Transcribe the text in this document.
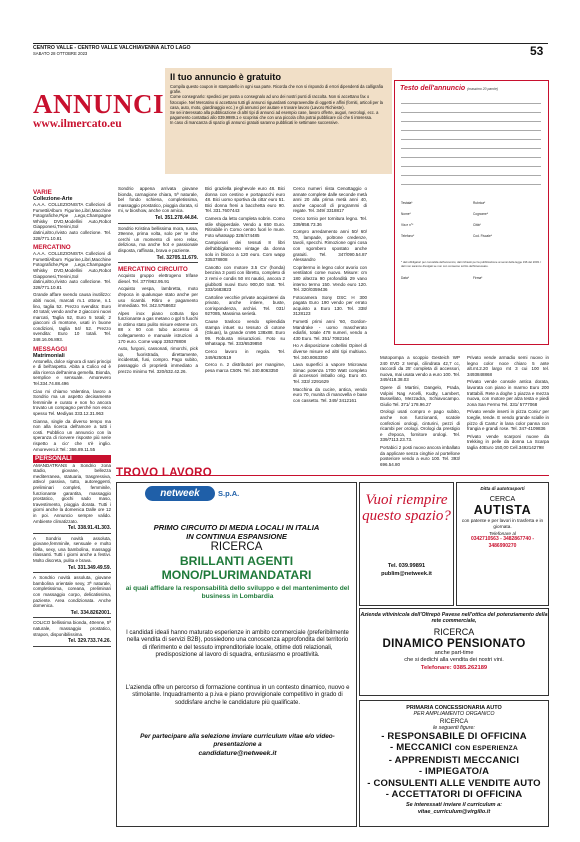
CENTRO VALLE - CENTRO VALLE VALCHIAVENNA ALTO LAGO
SABATO 28 OTTOBRE 2023	53
ANNUNCI
www.ilmercato.eu
Il tuo annuncio è gratuito

Compila questo coupon in stampatello in ogni sua parte. Ricorda che non si rispondo di errori dipendenti da calligrafia grafie.

Come consegnarlo: spedisci per posta o consegnalo ad uno dei nostri punti di raccolta. Non si accettano fax o fotocopie. Nel Mercatino si accettano tutti gli annunci riguardanti compravendite di oggetti e affini (forniti, articoli per la casa, auto, moto, giardinaggio ecc.) e gli annunci per aiutare e trovare lavoro (Lavoro Richieste).

Se sei interessato alla pubblicazione di altri tipi di annunci ad esempio case, lavoro offerte, auguri, necrologi, ecc. a pagamento contattaci allo 039.9989.1 e scoprirai che con una piccola cifra potrai pubblicare ciò che ti interessa.

In caso di mancanza di spazio gli annunci gratuiti saranno pubblicati le settimane successive.

Testo dell'annuncio (massimo 20 parole)
Testata*	Rubrica*
Nome*	Cognome*
Via e n°*	Città*
Telefono*	Cod. Fiscale*
* dati obbligatori per convalida dell'annuncio; dati richiesti per la pubblicazione ai sensi della legge 196 del 2003. I dati non saranno divulgati se non con consenso scritto dell'interessato.
Data*	Firma*
VARIE
Collezione-Arte
A.A.A. COLLEZIONISTA Collezioni di Fumetti/Album Figurine,Libri,Macchine Fotografiche,Pipe ,Lego,Champagne Whisky DVD,Modellini Auto,Robot Giapponesi,Trenini,Sol datini,altro,rivisto auto collezione. Tel. 328/771.10.81
MERCATINO
A.A.A. COLLEZIONISTA Collezioni di Fumetti/Album Figurine,Libri,Macchine Fotografiche,Pipe ,Lego,Champagne Whisky DVD,Modellini Auto,Robot Giapponesi,Trenini,Sol datini,altro,rivisto auto collezione. Tel. 328/771.10.81
Grande affare svendo causa inutilizzo: abiti nuovi, marcati m.1 ottone, n.1 lino, taglia 52. Prezzo svendita: Euro 40 totali; vendo anche 2 giacconi nuovi marcati, Taglia 52, Euro 5 totali; 2 giacconi di montone, usati in buone condizioni, taglia 54/ 52. Prezzo svendita: Euro 10 totali. Tel. 348.16.06.893.
MESSAGGI
Matrimoniali
Antonella, dolce signora di sani principi e di bell'aspetto. Abita a Colico ed è alla ricerca dell'anima gemella. Bionda, semplice e sensuale. Amorevero Tel.334.74.88.496
Ciao mi chiamo Valentina, lavoro a Sondrio ma un aspetto decisamente femminile e curato e non ho ancora trovato un compagno perché non esco spesso Tel. Mediyas 333.12.31.963
Gianna, single da diverso tempo ma non alla ricerca dell'amore a tutti i costi. Pubblico un annuncio con la speranza di ricevere risposte più serie rispetto a cio' che s'è inglio. Amorevero.it Tel.: 366.89.11.55
PERSONALI
AMANDATRANS a Sondrio zona stadio, giovane, bellezza mediterranea, statuaria, trasgressiva, attivo/ passiva, tutto, autoreggenti, preliminari completi, femminile, funzionante garantita, massaggio prostatico, giochi sado maso, travestimento, pioggia dorata. Tutti i giorni anche la domenica Dalle ore 12 in poi. Annuncio sempre valido. Ambiente climatizzato.
Tel. 338.91.41.303.
A Sondrio novità assoluta, giovane,femminile, sensuale e molto bella, sexy, una bambolina, massaggi rilassanti. Tutti i giorni anche a festivi. Molto discreta, pulita e brava.
Tel. 331.349.49.59.
A Sondrio novità assoluta, giovane bambolina orientale sexy, 3ª naturale, completissima, coreana, preliminari con massaggio corpo, delicatissima, paziente. Area condizionata. Anche domenica.
Tel. 334.8262001.
COLICO bellissima bionda, 40enne, 5ª naturale, massaggio prostatico, strapon, disponibilissima.
Tel. 329.733.74.26.
Sondrio appena arrivata giovane bionda, carnagione chiara, 5ª naturale, bel fondo schiena, completissima, massaggio prostatico, pioggia dorata, sì mi, w bioshow, anche con amica.
Tel. 351.278.44.84.
Sondrio Kristina bellissima mora, russa, 29enne, prima volta, solo per te che cerchi un momento di vero relax, deliziosa, ma anche hot e passionale disposta, raffinata, brava e paziente.
Tel. 32705.11.679.
MERCATINO CIRCUITO
Acquisto gruppo elettrogeno trifase diesel. Tel. 377/962.95.91
Acquisto vespa, lambretta, moto d'epoca in qualunque stato anche per uso ricambi. Ritiro e pagamento immediato. Tel. 342.5758602
Alpes inox piano cottura tipo funzionante a gas metano o gpl 5 fuochi in ottimo stato pulito misure esterne cm. 88 x 50 con tubo accesso di collegamento e manuale istruzioni a 170 euro. Come wapp 335378808
Auto, furgoni, cassonati, rimorchi, pick up, fuoristrada, direttamente, incidentati, fusi, compro. Pago subito, passaggio di proprietà immediato a prezzo minimo Tel. 320/632.42.26.
Bici graziella pieghevole euro 48. Bici donna con cestino e portapacchi euro 48. Bici uomo sportiva da citta' euro 51. Bici donna freni a bacchetta euro 90. Tel. 331.7607443
Camera da letto completa sobrin. Como stile shipperdale. Vendo a 650 Euro. Ritirabile in Como centro fuori le mure. Foto whatsapp 328/474485
Campionari dei tessuti 8 libri dell'abbigliamento vintage da donna solo in blocco a 120 euro. Com wapp 335378808
Canotto con motore 3.5 CV (honda) benzina 3 posti con libretto, completo di 2 remi e condis 50 mt nautici, ancora 2 giubbotti nuovi Euro 900,00 tratt. Tel. 333/1683823
Cartoline vecchie private acquisterei da privato, anche intiere, buste, corrispondenza, archivi. Tel. 031/ 927085, Massima serietà.
Cause trasloco vendo splendida stampa intuet su tessuto di cotone (Gkuas), la grande cm96 138x88. Euro 99. Robusta misurazioni. Foto su Whatsapp. Tel. 333/6539850
Cerco lavoro in regola. Tel. 349/6250519
Cerco n. 2 distributori per mangime, pesa marca C50N. Tel. 340.8063350
Cerco numeri riista Cenottaggio o annate complete dalle seconde metà anni 20 alla prima metà anni 40, anche capocoll di programmi di regate. Tel. 349/ 3318817
Cerco tornio per tornitura legno. Tel. 339/858.73.36
Compro arredamento anni 50/ 60/ 70, lampade, poltrone credenze, tavoli, specchi. Rimozione ogni cosa con sgombero spostato anche gratuiti. Tel. 347/090.54.87 Alessandro
Copritermo in legno color avorio con ventilatori come nuovo. Misure: cm 180 altezza 90 profondità 29 vano interno termo 150. Vendo euro 120. Tel. 320/0359436
Fotocamera Sony DSC H 300 pagata Euro 190 vendo per errato acquisto a Euro 130. Tel. 338/ 3128123
Fumetti primi anni '60, Gordon-Mandrake - uomo mascherato ediafiri, totale 478 numeri, vendo a 430 Euro. Tel. 351/ 7082164
Ho A disposizione coltellini Opinel di diverse misure ed altri tipi multiuso. Tel. 340.8063350
Lava superfici a vapore Microwax Simac potenza 1700 Watt completo di accessori imballo orig. Euro 40. Tel. 333/ 2291629
Macchina da cucire, antica, vendo euro 70, munita di manovella e base con cassetto. Tel. 349/ 3412161
Motopompa a scoppio Gesteich WP 240 EVD 2 tempi, cilindrata 42,7 cc, raccordi da 25' completa di accessori, nuova, mai usata vendo a euro 100. Tel. 349/418.38.03
Opere di Martini, Dangelo, Prada, Volpini Nag Arcelli, Kudty, Lambert, Bussellato, Mezzadra, Schiavocampo. Giulio Tel. 371/ 178.96.27
Orologi usati compro e pago subito, anche non funzionanti, scatole confezioni orologi, cinturini, pezzi di ricambi per orologi. Orologi da prestigio e d'epoca, fornitore orologi. Tel. 339/7113.23.73.
Portabici 2 posti nuovo ancora imballato da applicare senza cinghie al portellone posteriore vendo a euro 100. Tel. 393/ 696.54.80
Privato vende armadio semi nuovo in legno color noce chiaro 5 ante alt.mt.2.20 largo mt 3 cui 100 tel. 3493848868
Privato vende console antica dorata, lavorata con piano in marmo Euro 200 trattabili. Rete a doghe 1 piazza e mezza nuova, con motore per alza testa e piedi zona San Fermo Tel. 331/ 5777068
Privato vende inserti in pizza Coniu' per toeglie, tende. E vendo grande scialle in pizzo di Cantu' in lana color panna con frangia e grandi rose. Tel. 347-4109836
Privato vende scarponi nuove da trekking in pelle da donna La Scarpa taglia 40Euro 150,00 Cell.3492142798
TROVO LAVORO
netweek	S.p.A.
PRIMO CIRCUITO DI MEDIA LOCALI IN ITALIA
IN CONTINUA ESPANSIONE
RICERCA
BRILLANTI AGENTI
MONO/PLURIMANDATARI
ai quali affidare la responsabilità dello sviluppo e del mantenimento del business in Lombardia
I candidati ideali hanno maturato esperienze in ambito commerciale (preferibilmente nella vendita di servizi B2B), possiedono una conoscenza approfondita del territorio di riferimento e del tessuto imprenditoriale locale, ottime doti relazionali, predisposizione al lavoro di squadra, entusiasmo e proattività.
L'azienda offre un percorso di formazione continua in un contesto dinamico, nuovo e stimolante. Inquadramento a p.iva e piano provvigionale competitivo in grado di soddisfare anche le candidature più qualificate.
Per partecipare alla selezione inviare curriculum vitae e/o video-presentazione a
candidature@netweek.it
Vuoi riempire questo spazio?
Tel. 039.99891
publim@netweek.it
Ditta di autotrasporti
CERCA
AUTISTA
con patente e per lavori in trasferta e in giornata.
Telefonare al
0342710563 - 3482867740 - 3486990270
Azienda vitivinicola dell'Oltrepò Pavese nell'ottica del potenziamento della rete commerciale,
RICERCA
DINAMICO PENSIONATO
anche part-time
che si dedichi alla vendita dei nostri vini.
Telefonare: 0385.262189
PRIMARIA CONCESSIONARIA AUTO
PER AMPLIAMENTO ORGANICO
RICERCA
le seguenti figure:
- RESPONSABILE DI OFFICINA
- MECCANICI CON ESPERIENZA
- APPRENDISTI MECCANICI
- IMPIEGATO/A
- CONSULENTI ALLE VENDITE AUTO
- ACCETTATORI DI OFFICINA
Se interessati inviare il curriculum a:
vitae_curriculum@virgilio.it
